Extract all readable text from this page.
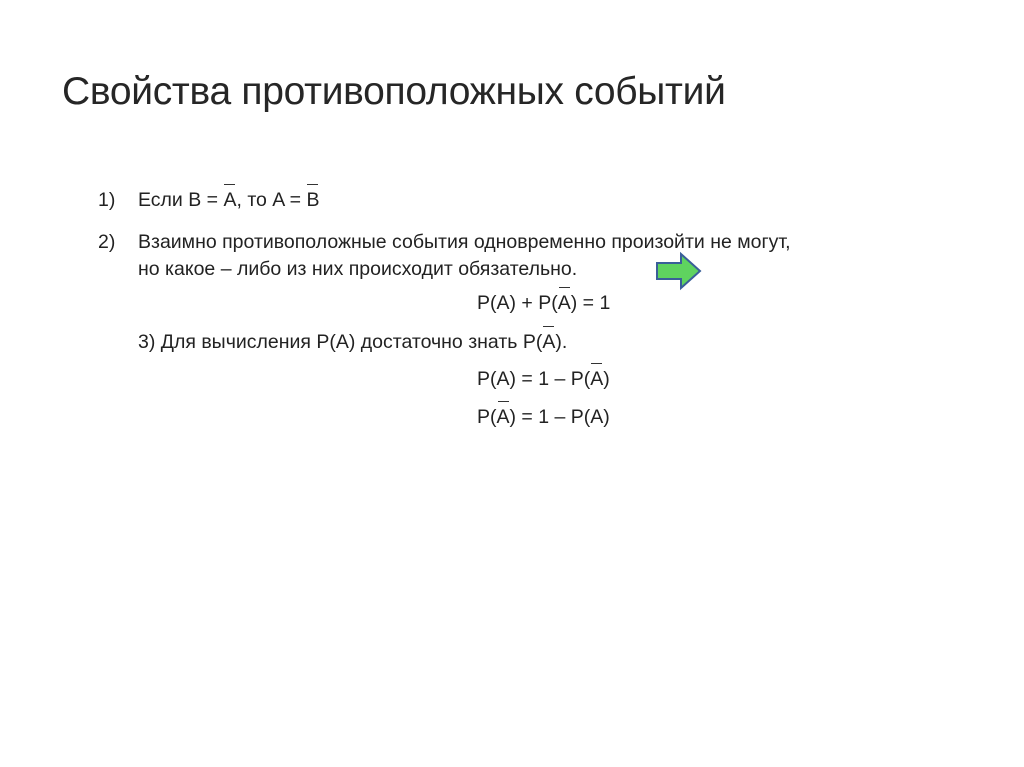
Свойства противоположных событий
1) Если B = A, то A = B
2) Взаимно противоположные события одновременно произойти не могут,
но какое – либо из них происходит обязательно.
P(A) + P(A) = 1
3) Для вычисления P(A) достаточно знать P(A).
P(A) = 1 – P(A)
P(A) = 1 – P(A)
